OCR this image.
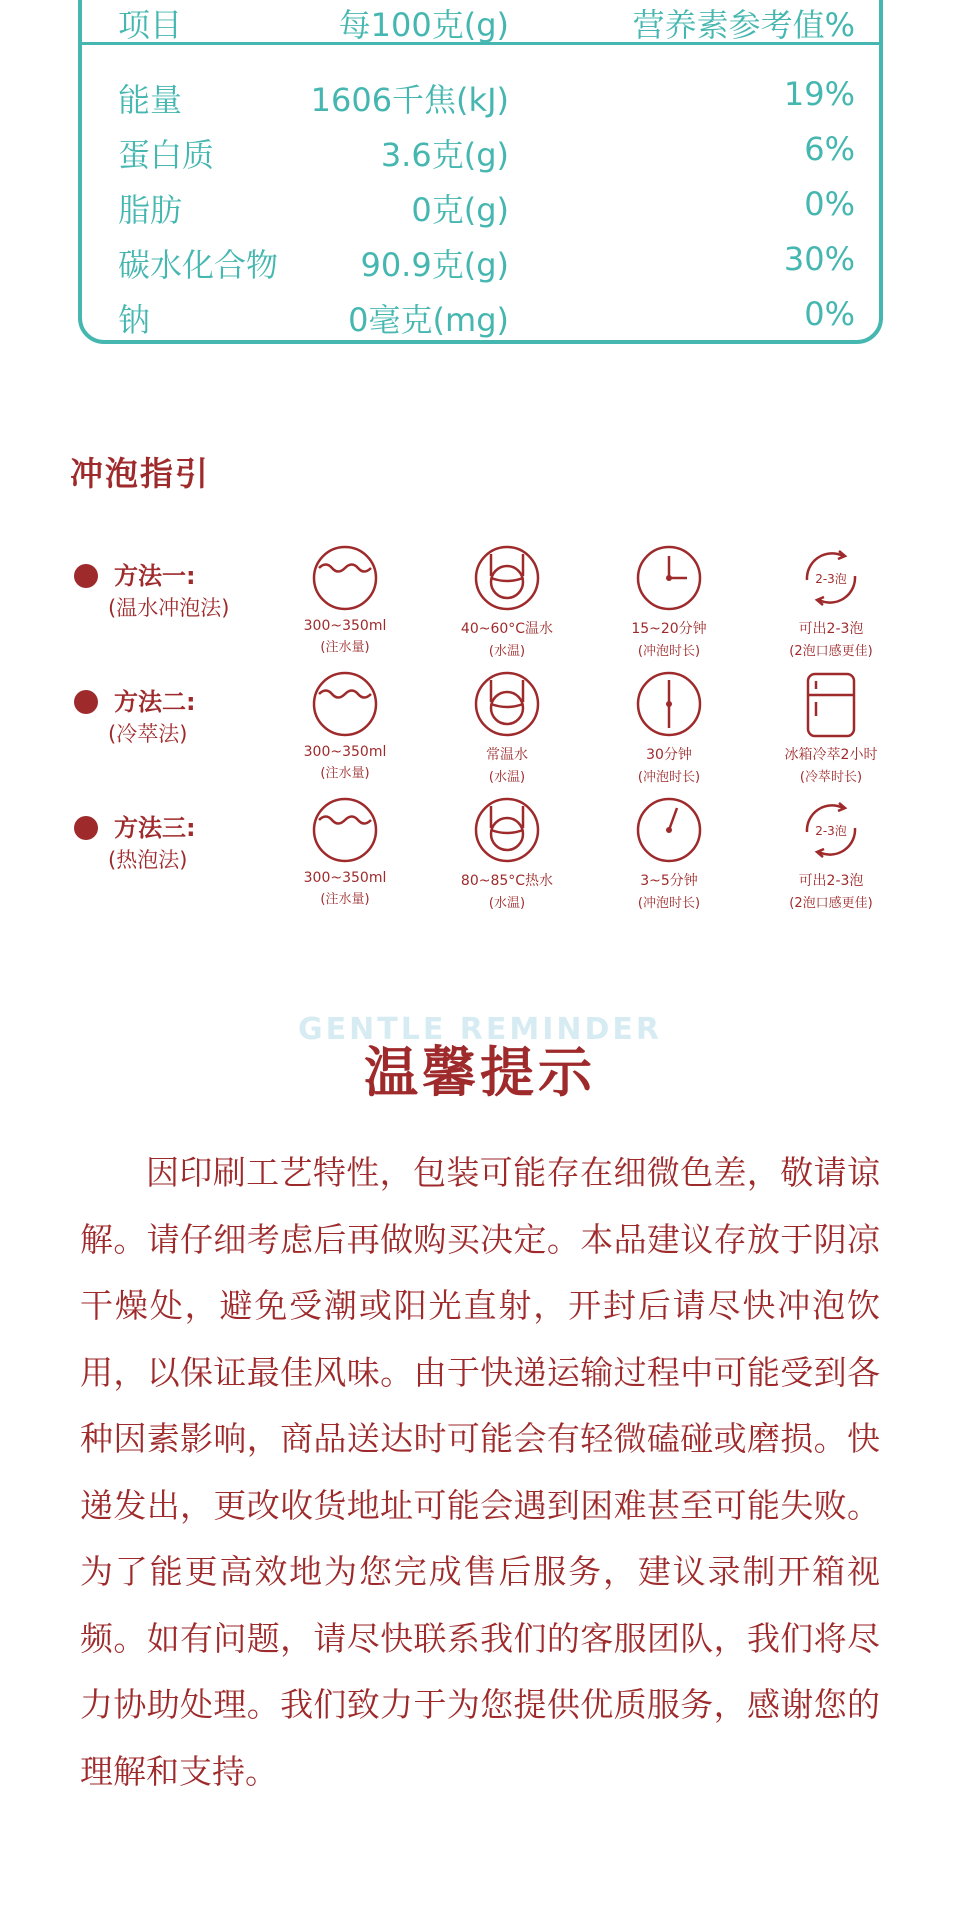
项目	每100克(g)	营养素参考值%
能量	1606千焦(kJ)	19%
蛋白质	3.6克(g)	6%
脂肪	0克(g)	0%
碳水化合物	90.9克(g)	30%
钠	0毫克(mg)	0%
冲泡指引
方法一:
(温水冲泡法)
300~350ml
(注水量)
40~60°C温水
(水温)
15~20分钟
(冲泡时长)
2-3泡
可出2-3泡
(2泡口感更佳)
方法二:
(冷萃法)
300~350ml
(注水量)
常温水
(水温)
30分钟
(冲泡时长)
冰箱冷萃2小时
(冷萃时长)
方法三:
(热泡法)
300~350ml
(注水量)
80~85°C热水
(水温)
3~5分钟
(冲泡时长)
2-3泡
可出2-3泡
(2泡口感更佳)
GENTLE REMINDER
温馨提示
因印刷工艺特性，包装可能存在细微色差，敬请谅解。请仔细考虑后再做购买决定。本品建议存放于阴凉干燥处，避免受潮或阳光直射，开封后请尽快冲泡饮用，以保证最佳风味。由于快递运输过程中可能受到各种因素影响，商品送达时可能会有轻微磕碰或磨损。快递发出，更改收货地址可能会遇到困难甚至可能失败。为了能更高效地为您完成售后服务，建议录制开箱视频。如有问题，请尽快联系我们的客服团队，我们将尽力协助处理。我们致力于为您提供优质服务，感谢您的理解和支持。
